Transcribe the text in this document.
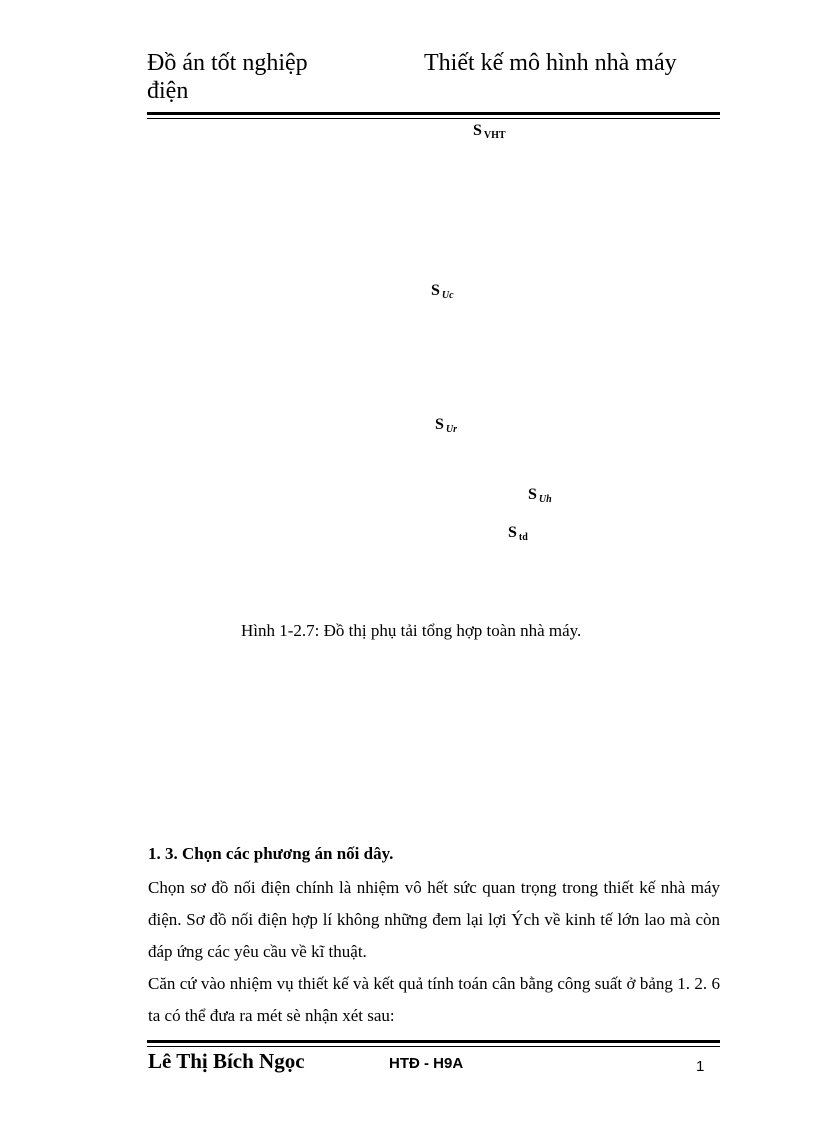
Đồ án tốt nghiệp	Thiết kế mô hình nhà máy
điện
S $_{VHT}$
S $_{Uc}$
S $_{Ur}$
S $_{Uh}$
S $_{td}$
Hình 1-2.7: Đồ thị phụ tải tổng hợp toàn nhà máy.
1. 3. Chọn các phương án nối dây.
Chọn sơ đồ nối điện chính là nhiệm vô hết sức quan trọng trong thiết kế nhà máy điện. Sơ đồ nối điện hợp lí không những đem lại lợi Ých về kinh tế lớn lao mà còn đáp ứng các yêu cầu về kĩ thuật.
Căn cứ vào nhiệm vụ thiết kế và kết quả tính toán cân bằng công suất ở bảng 1. 2. 6 ta có thể đưa ra mét sè nhận xét sau:
Lê Thị Bích Ngọc	HTĐ - H9A	1
